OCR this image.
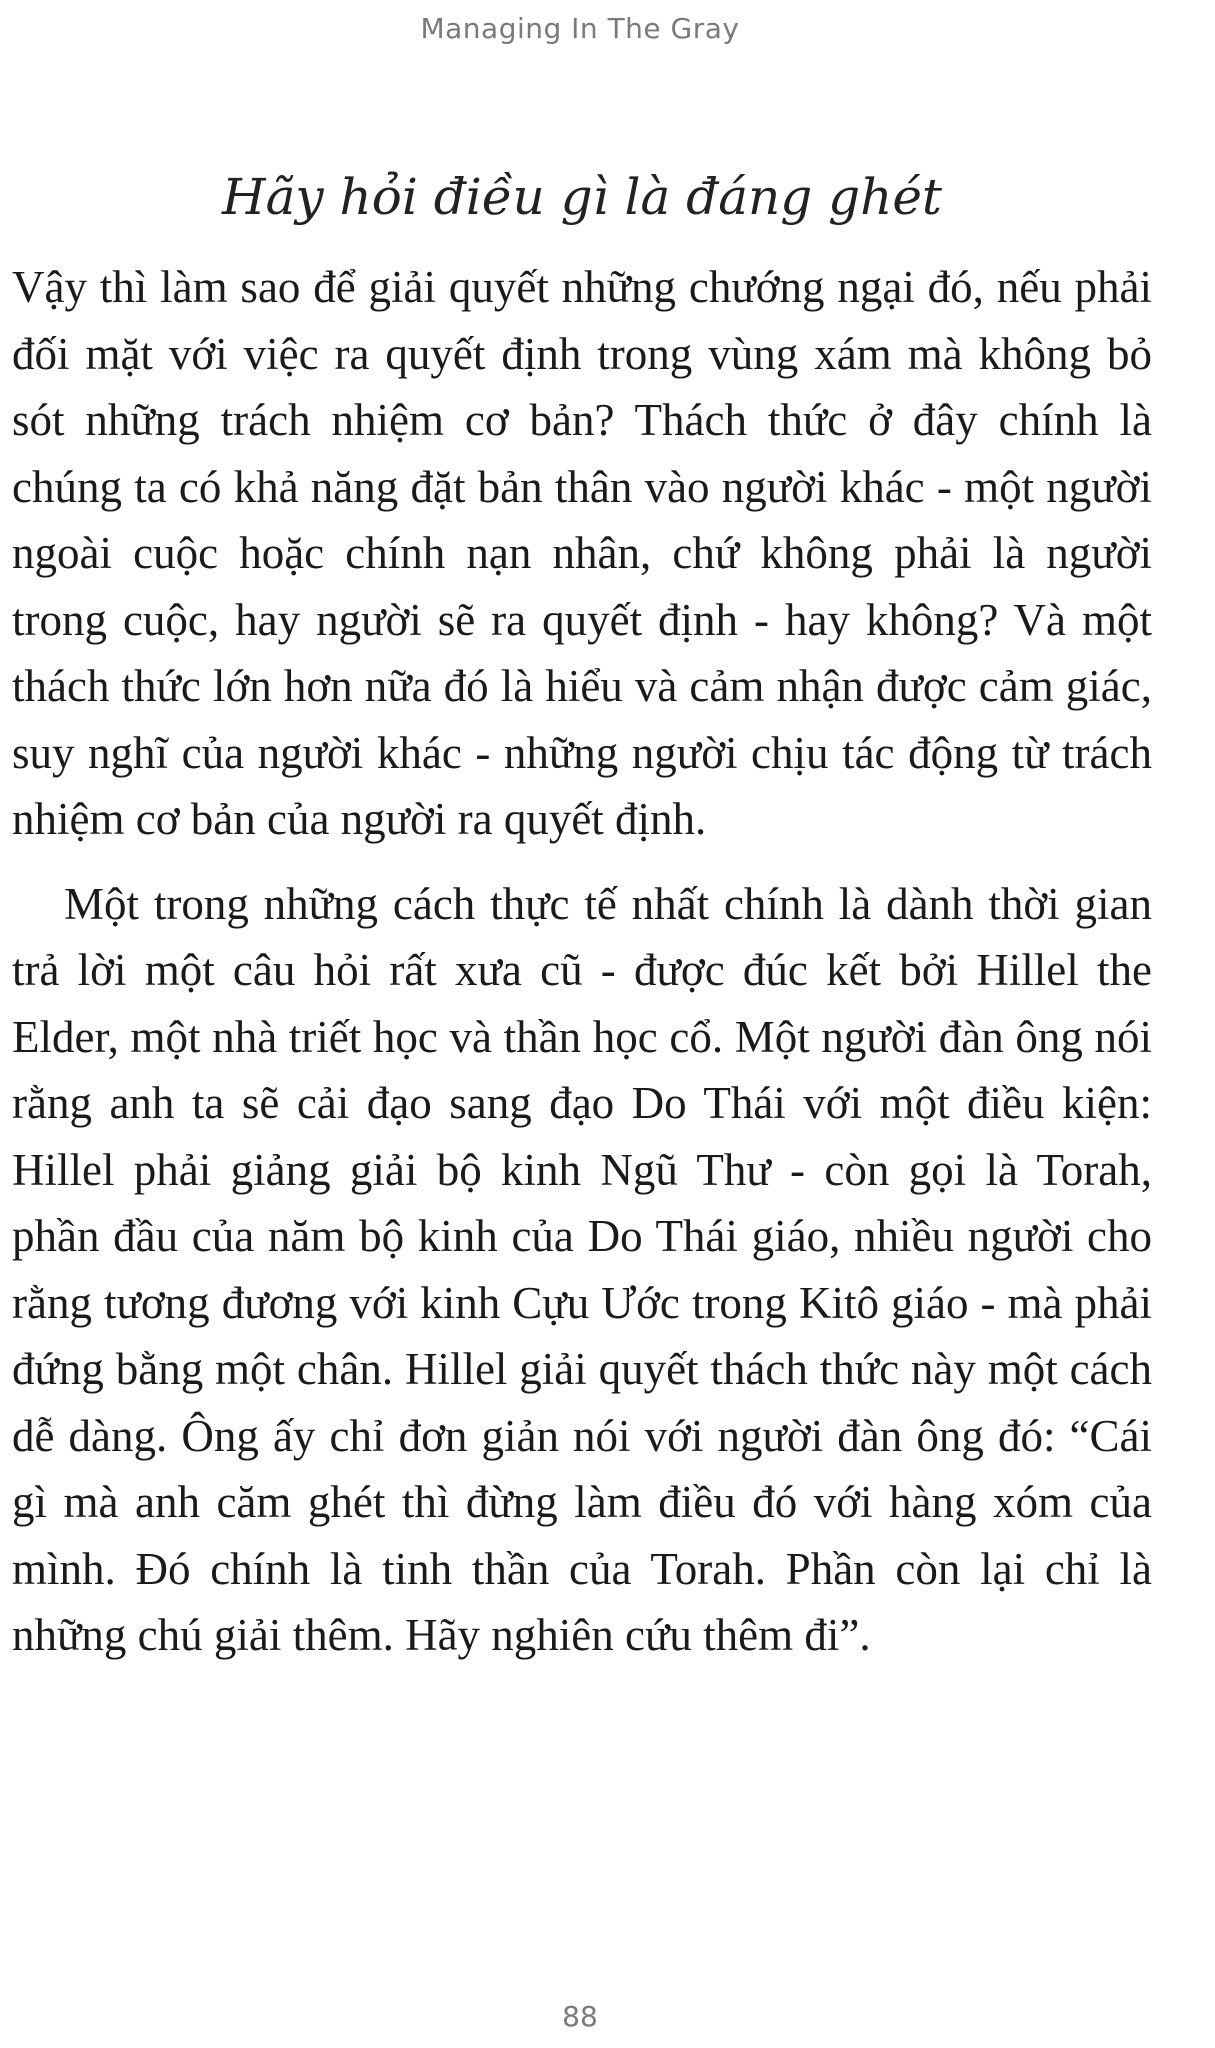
Managing In The Gray
Hãy hỏi điều gì là đáng ghét

Vậy thì làm sao để giải quyết những chướng ngại đó, nếu phải đối mặt với việc ra quyết định trong vùng xám mà không bỏ sót những trách nhiệm cơ bản? Thách thức ở đây chính là chúng ta có khả năng đặt bản thân vào người khác - một người ngoài cuộc hoặc chính nạn nhân, chứ không phải là người trong cuộc, hay người sẽ ra quyết định - hay không? Và một thách thức lớn hơn nữa đó là hiểu và cảm nhận được cảm giác, suy nghĩ của người khác - những người chịu tác động từ trách nhiệm cơ bản của người ra quyết định.

Một trong những cách thực tế nhất chính là dành thời gian trả lời một câu hỏi rất xưa cũ - được đúc kết bởi Hillel the Elder, một nhà triết học và thần học cổ. Một người đàn ông nói rằng anh ta sẽ cải đạo sang đạo Do Thái với một điều kiện: Hillel phải giảng giải bộ kinh Ngũ Thư - còn gọi là Torah, phần đầu của năm bộ kinh của Do Thái giáo, nhiều người cho rằng tương đương với kinh Cựu Ước trong Kitô giáo - mà phải đứng bằng một chân. Hillel giải quyết thách thức này một cách dễ dàng. Ông ấy chỉ đơn giản nói với người đàn ông đó: “Cái gì mà anh căm ghét thì đừng làm điều đó với hàng xóm của mình. Đó chính là tinh thần của Torah. Phần còn lại chỉ là những chú giải thêm. Hãy nghiên cứu thêm đi”.

88
